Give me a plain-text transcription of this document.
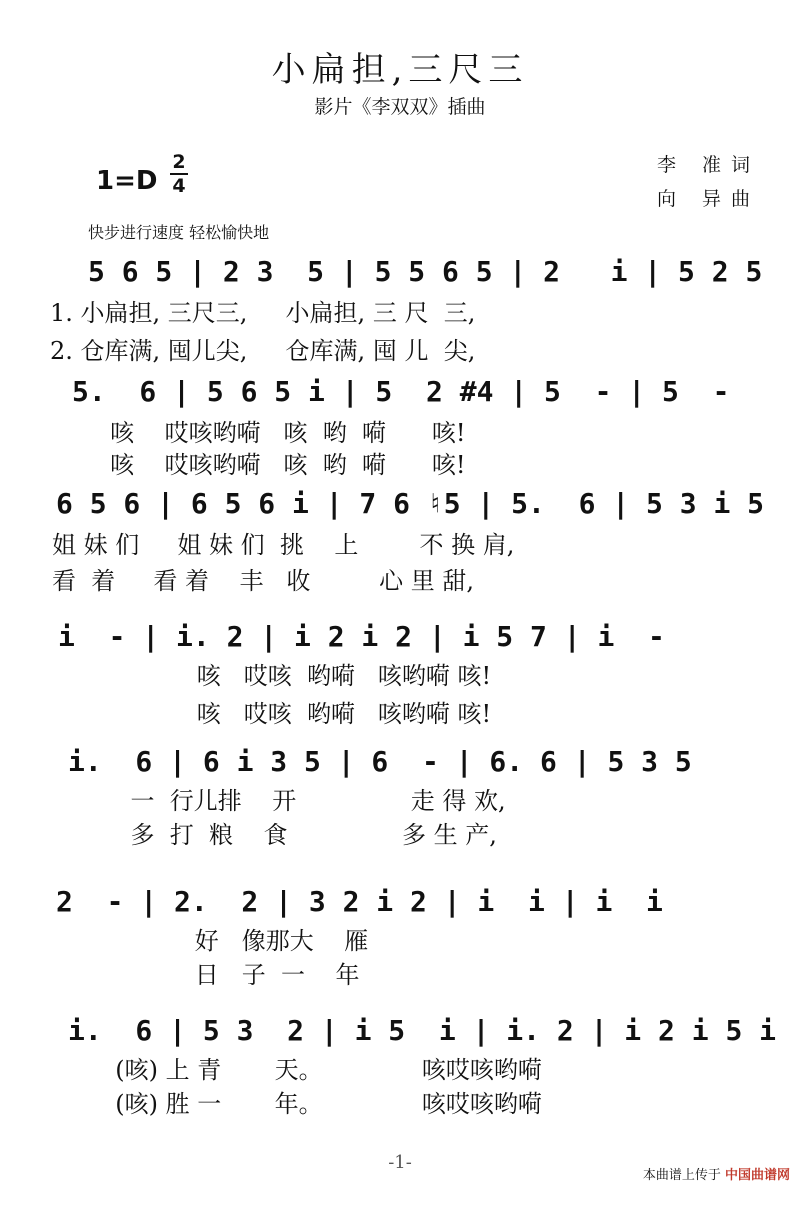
小扁担,三尺三
影片《李双双》插曲
李 准词
向 异曲
1=D
2
4
快步进行速度 轻松愉快地
5 6 5 | 2 3  5 | 5 5 6 5 | 2   i | 5 2 5
1. 小扁担, 三尺三,     小扁担, 三 尺  三,
2. 仓库满, 囤儿尖,     仓库满, 囤 儿  尖,
5.  6 | 5 6 5 i | 5  2 #4 | 5  - | 5  -
咳    哎咳哟嗬   咳  哟  嗬      咳!
咳    哎咳哟嗬   咳  哟  嗬      咳!
6 5 6 | 6 5 6 i | 7 6 ♮5 | 5.  6 | 5 3 i 5
姐 妹 们     姐 妹 们  挑    上        不 换 肩,
看  着     看 着    丰   收         心 里 甜,
i  - | i. 2 | i 2 i 2 | i 5 7 | i  -
咳   哎咳  哟嗬   咳哟嗬 咳!
咳   哎咳  哟嗬   咳哟嗬 咳!
i.  6 | 6 i 3 5 | 6  - | 6. 6 | 5 3 5
一  行儿排    开               走 得 欢,
多  打  粮    食               多 生 产,
2  - | 2.  2 | 3 2 i 2 | i  i | i  i
好   像那大    雁
日   子  一    年
i.  6 | 5 3  2 | i 5  i | i. 2 | i 2 i 5 i
(咳) 上 青       天。             咳哎咳哟嗬
(咳) 胜 一       年。             咳哎咳哟嗬
-1-
本曲谱上传于 中国曲谱网
